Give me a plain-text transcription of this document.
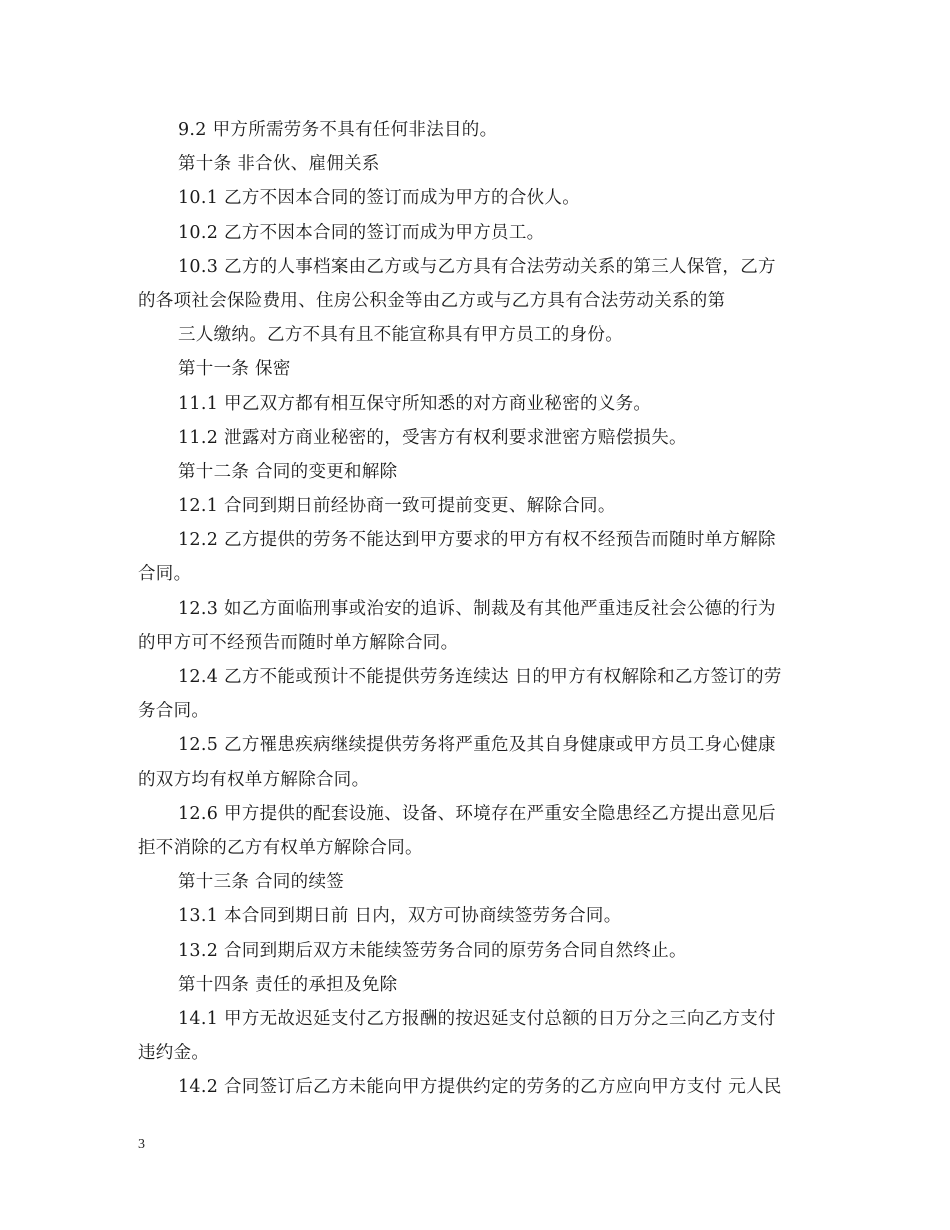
9.2 甲方所需劳务不具有任何非法目的。
第十条 非合伙、雇佣关系
10.1 乙方不因本合同的签订而成为甲方的合伙人。
10.2 乙方不因本合同的签订而成为甲方员工。
10.3 乙方的人事档案由乙方或与乙方具有合法劳动关系的第三人保管，乙方
的各项社会保险费用、住房公积金等由乙方或与乙方具有合法劳动关系的第
三人缴纳。乙方不具有且不能宣称具有甲方员工的身份。
第十一条 保密
11.1 甲乙双方都有相互保守所知悉的对方商业秘密的义务。
11.2 泄露对方商业秘密的，受害方有权利要求泄密方赔偿损失。
第十二条 合同的变更和解除
12.1 合同到期日前经协商一致可提前变更、解除合同。
12.2 乙方提供的劳务不能达到甲方要求的甲方有权不经预告而随时单方解除
合同。
12.3 如乙方面临刑事或治安的追诉、制裁及有其他严重违反社会公德的行为
的甲方可不经预告而随时单方解除合同。
12.4 乙方不能或预计不能提供劳务连续达 日的甲方有权解除和乙方签订的劳
务合同。
12.5 乙方罹患疾病继续提供劳务将严重危及其自身健康或甲方员工身心健康
的双方均有权单方解除合同。
12.6 甲方提供的配套设施、设备、环境存在严重安全隐患经乙方提出意见后
拒不消除的乙方有权单方解除合同。
第十三条 合同的续签
13.1 本合同到期日前 日内，双方可协商续签劳务合同。
13.2 合同到期后双方未能续签劳务合同的原劳务合同自然终止。
第十四条 责任的承担及免除
14.1 甲方无故迟延支付乙方报酬的按迟延支付总额的日万分之三向乙方支付
违约金。
14.2 合同签订后乙方未能向甲方提供约定的劳务的乙方应向甲方支付 元人民
3
